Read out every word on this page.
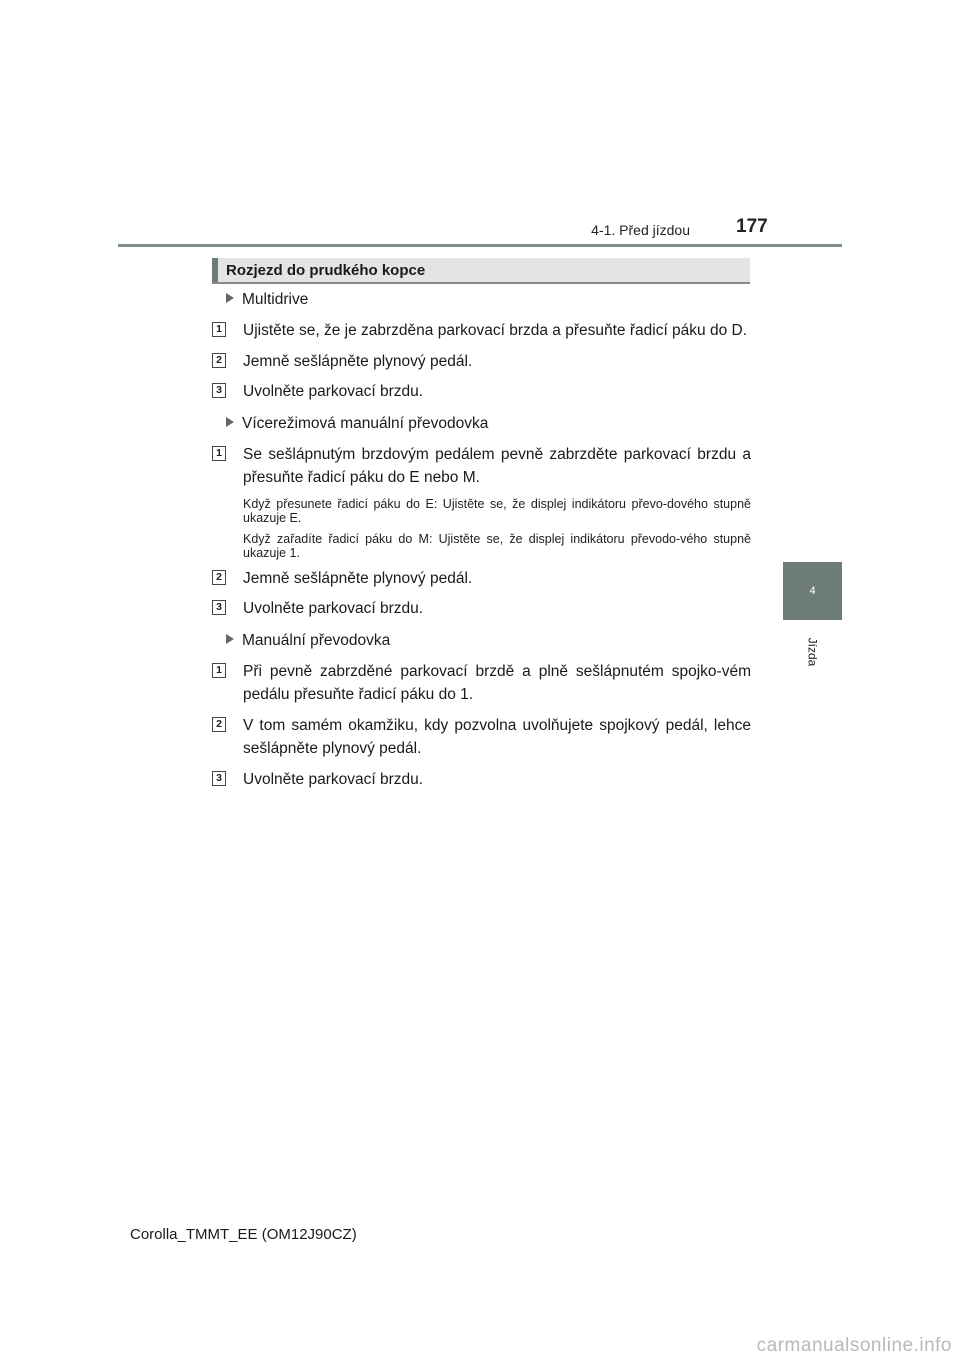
4-1. Před jízdou 177
4
Jízda
Rozjezd do prudkého kopce
Multidrive
1 Ujistěte se, že je zabrzděna parkovací brzda a přesuňte řadicí páku do D.
2 Jemně sešlápněte plynový pedál.
3 Uvolněte parkovací brzdu.
Vícerežimová manuální převodovka
1 Se sešlápnutým brzdovým pedálem pevně zabrzděte parkovací brzdu a přesuňte řadicí páku do E nebo M.
Když přesunete řadicí páku do E: Ujistěte se, že displej indikátoru převo-dového stupně ukazuje E.
Když zařadíte řadicí páku do M: Ujistěte se, že displej indikátoru převodo-vého stupně ukazuje 1.
2 Jemně sešlápněte plynový pedál.
3 Uvolněte parkovací brzdu.
Manuální převodovka
1 Při pevně zabrzděné parkovací brzdě a plně sešlápnutém spojko-vém pedálu přesuňte řadicí páku do 1.
2 V tom samém okamžiku, kdy pozvolna uvolňujete spojkový pedál, lehce sešlápněte plynový pedál.
3 Uvolněte parkovací brzdu.
Corolla_TMMT_EE (OM12J90CZ)
carmanualsonline.info
